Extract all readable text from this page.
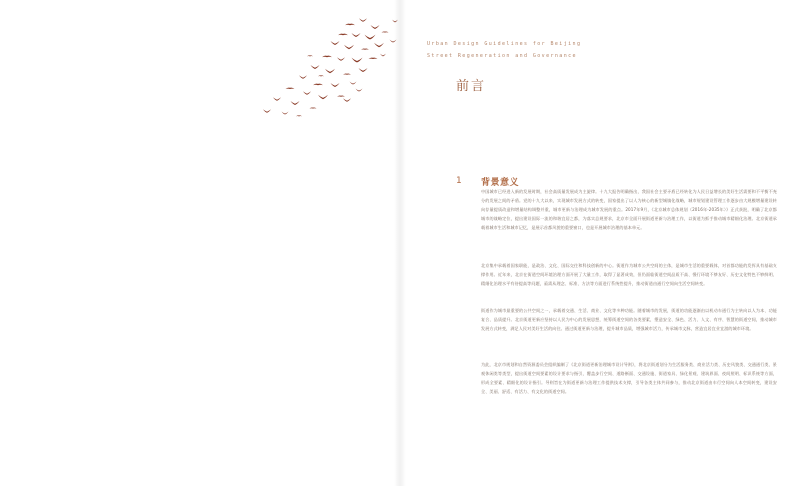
Urban Design Guidelines for Beijing
Street Regeneration and Governance
前言
1 背景意义

中国城市已经进入新的发展时期，社会高质量发展成为主旋律。十九大报告明确指出，我国社会主要矛盾已经转化为人民日益增长的美好生活需要和不平衡不充分的发展之间的矛盾。党的十九大以来，实现城市发展方式的转变，国家提出了以人为核心的新型城镇化战略，城市规划建设管理工作逐步由大规模增量建设转向存量提质改造和增量结构调整并重，城市更新与治理成为城市发展的重点。2017年9月，《北京城市总体规划（2016年-2035年）》正式获批，明确了北京都城市的战略定位，提出建设国际一流的和谐宜居之都，为落实总规要求，北京市全面开展街道更新与治理工作，以街道为抓手推动城市精细化治理。北京街道承载着城市生活和城市记忆，是展示首都风貌的重要窗口，也是开展城市治理的基本单元。

北京集中承载着国家职能，是政治、文化、国际交往和科技创新的中心。街道作为城市公共空间的主体，是城市生活的重要载体，对首都功能的发挥具有基础支撑作用。近年来，北京在街道空间环境治理方面开展了大量工作，取得了显著成效，但仍面临街道空间品质不高、慢行环境不够友好、历史文化特色不够鲜明、精细化治理水平有待提高等问题，亟需从理念、标准、方法等方面进行系统性提升，推动街道由通行空间向生活空间转变。

街道作为城市最重要的公共空间之一，承载着交通、生活、商业、文化等多种功能。随着城市的发展，街道的功能逐渐由以机动车通行为主转向以人为本、功能复合、品质提升。北京街道更新应坚持以人民为中心的发展思想，统筹街道空间的各类要素，塑造安全、绿色、活力、人文、有序、智慧的街道空间，推动城市发展方式转变，满足人民对美好生活的向往。通过街道更新与治理，提升城市品质，增强城市活力，传承城市文脉，营造宜居宜业宜游的城市环境。

为此，北京市规划和自然资源委员会组织编制了《北京街道更新治理城市设计导则》，将北京街道划分为生活服务类、商业活力类、历史风貌类、交通通行类、景观休闲类等类型，提出街道空间要素的设计要求与指引，覆盖步行空间、道路断面、交通设施、街道家具、绿化景观、建筑界面、夜间照明、标识系统等方面，形成全要素、精细化的设计指引。导则旨在为街道更新与治理工作提供技术支撑，引导各类主体共同参与，推动北京街道由车行空间向人本空间转变，建设安全、美丽、舒适、有活力、有文化的街道空间。
